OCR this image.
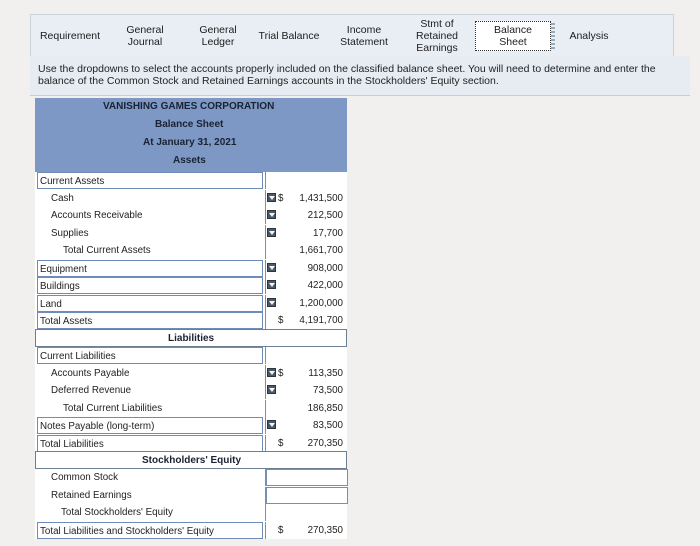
Requirement	General Journal
General Ledger	Trial Balance	Income Statement
Stmt of Retained Earnings
Balance Sheet	Analysis
Use the dropdowns to select the accounts properly included on the classified balance sheet. You will need to determine and enter the balance of the Common Stock and Retained Earnings accounts in the Stockholders' Equity section.
VANISHING GAMES CORPORATION
Balance Sheet
At January 31, 2021
Assets
Current Assets
Cash	$ 1,431,500
Accounts Receivable	212,500
Supplies	17,700
Total Current Assets	1,661,700
Equipment	908,000
Buildings	422,000
Land	1,200,000
Total Assets	$ 4,191,700
Liabilities
Current Liabilities
Accounts Payable	$	113,350
Deferred Revenue	73,500
Total Current Liabilities	186,850
Notes Payable (long-term)	83,500
Total Liabilities	$ 270,350
Stockholders' Equity
Common Stock
Retained Earnings
Total Stockholders' Equity
Total Liabilities and Stockholders' Equity	$ 270,350
